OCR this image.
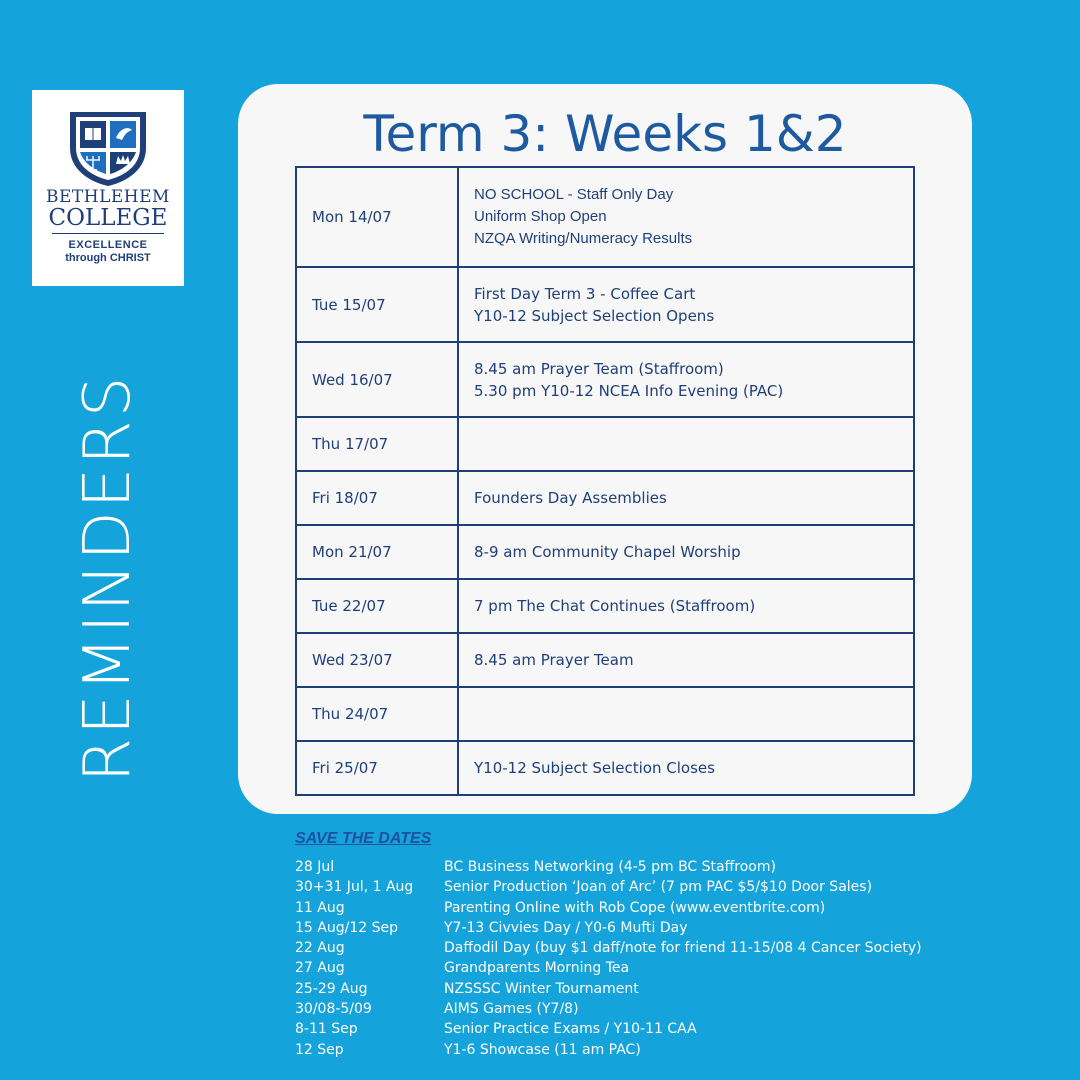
BETHLEHEM
COLLEGE
EXCELLENCE
through CHRIST
REMINDERS
Term 3: Weeks 1&2
Mon 14/07	NO SCHOOL - Staff Only Day
Uniform Shop Open
NZQA Writing/Numeracy Results

Tue 15/07	First Day Term 3 - Coffee Cart
Y10-12 Subject Selection Opens

Wed 16/07	8.45 am Prayer Team (Staffroom)
5.30 pm Y10-12 NCEA Info Evening (PAC)

Thu 17/07	
Fri 18/07	Founders Day Assemblies

Mon 21/07	8-9 am Community Chapel Worship

Tue 22/07	7 pm The Chat Continues (Staffroom)

Wed 23/07	8.45 am Prayer Team

Thu 24/07	
Fri 25/07	Y10-12 Subject Selection Closes
SAVE THE DATES
28 Jul	BC Business Networking (4-5 pm BC Staffroom)
30+31 Jul, 1 Aug	Senior Production ‘Joan of Arc’ (7 pm PAC $5/$10 Door Sales)
11 Aug	Parenting Online with Rob Cope (www.eventbrite.com)
15 Aug/12 Sep	Y7-13 Civvies Day / Y0-6 Mufti Day
22 Aug	Daffodil Day (buy $1 daff/note for friend 11-15/08 4 Cancer Society)
27 Aug	Grandparents Morning Tea
25-29 Aug	NZSSSC Winter Tournament
30/08-5/09	AIMS Games (Y7/8)
8-11 Sep	Senior Practice Exams / Y10-11 CAA
12 Sep	Y1-6 Showcase (11 am PAC)
